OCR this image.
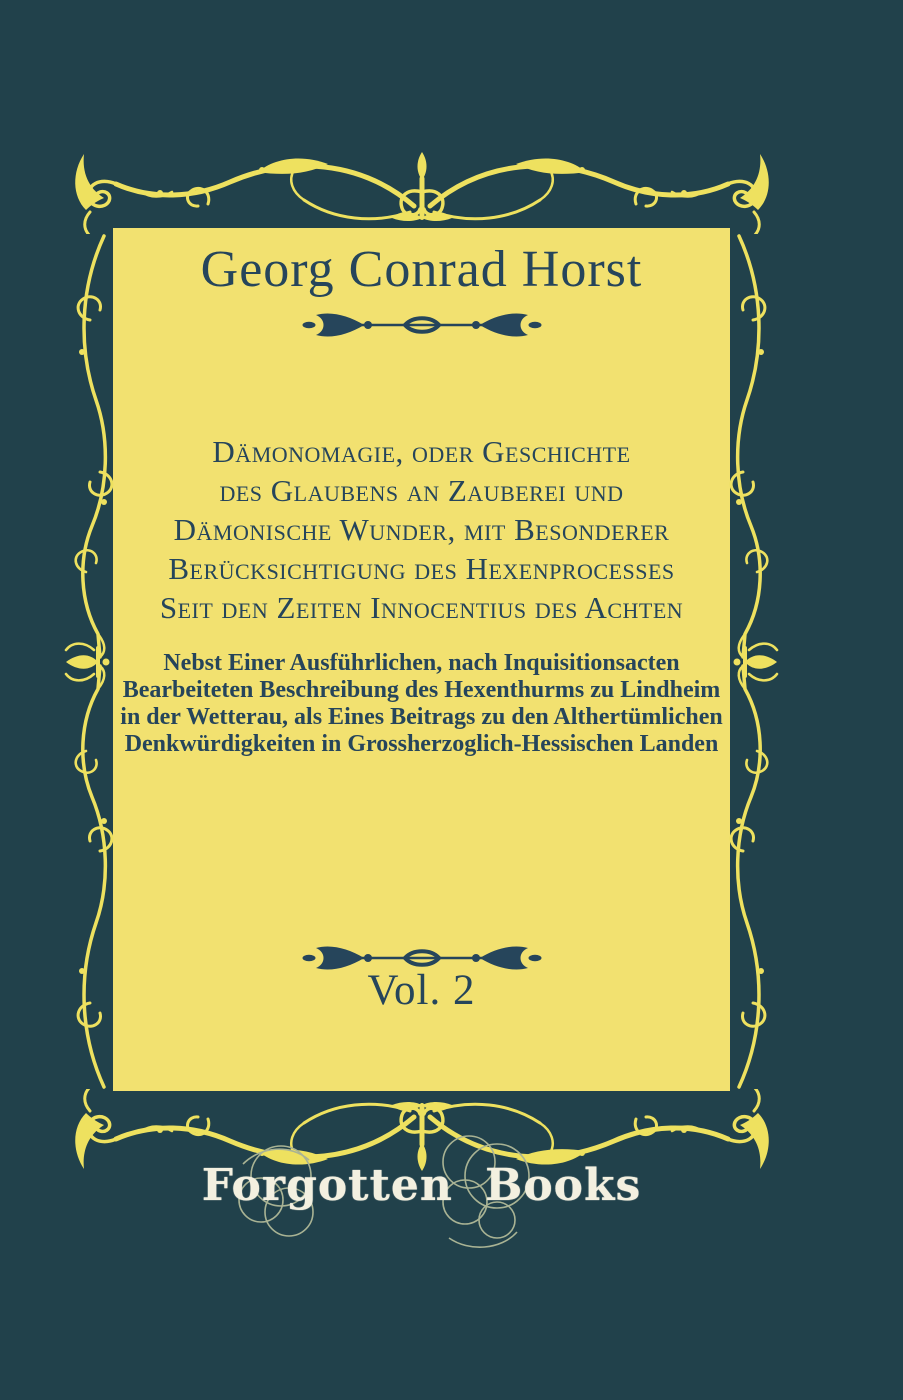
Georg Conrad Horst
Dämonomagie, oder Geschichte
des Glaubens an Zauberei und
Dämonische Wunder, mit Besonderer
Berücksichtigung des Hexenprocesses
Seit den Zeiten Innocentius des Achten
Nebst Einer Ausführlichen, nach Inquisitionsacten
Bearbeiteten Beschreibung des Hexenthurms zu Lindheim
in der Wetterau, als Eines Beitrags zu den Althertümlichen
Denkwürdigkeiten in Grossherzoglich-Hessischen Landen
Vol. 2
Forgotten Books
